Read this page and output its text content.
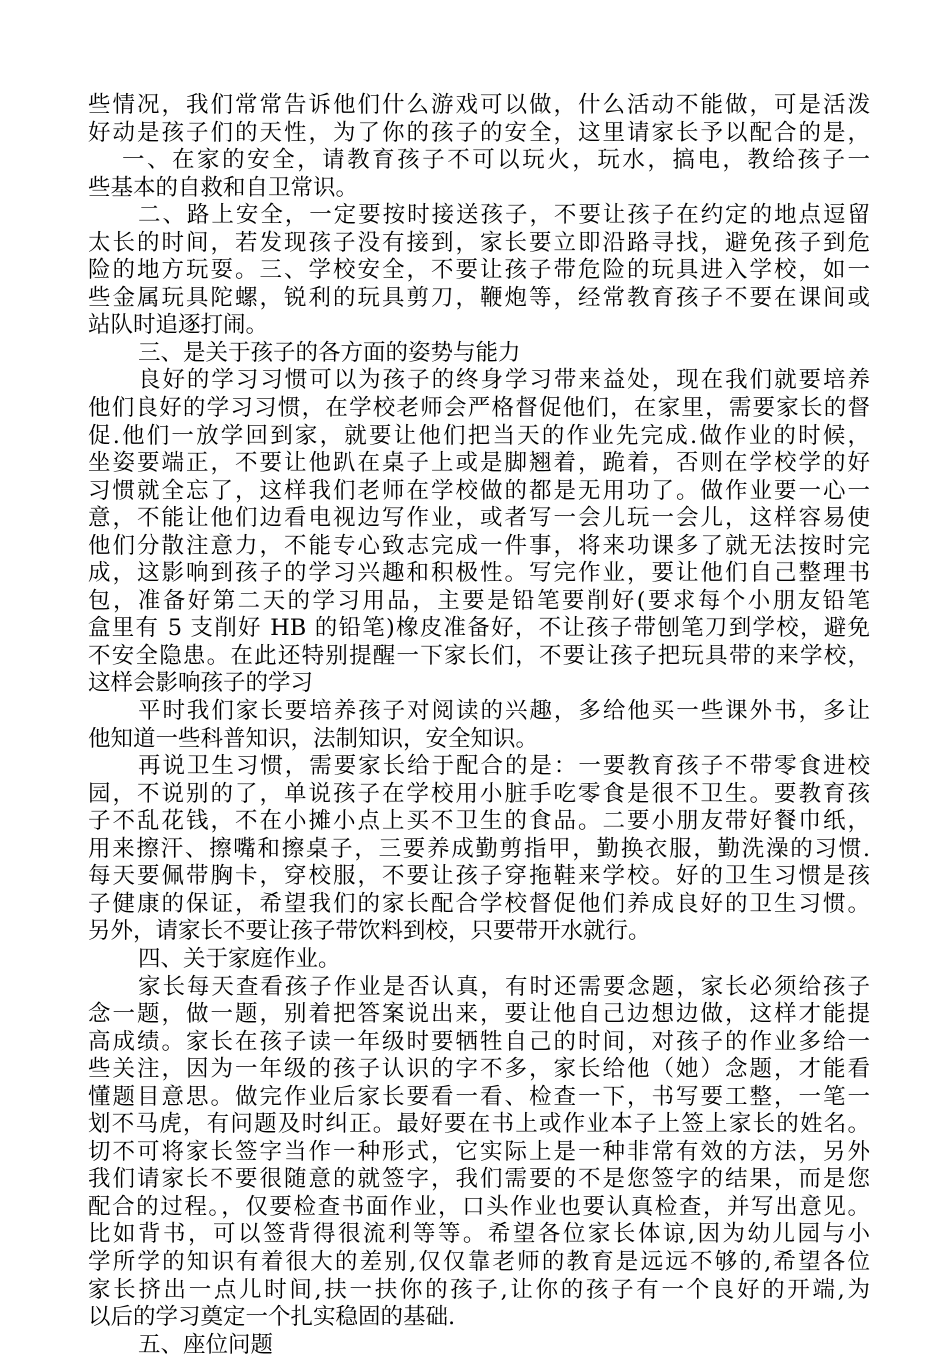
些情况，我们常常告诉他们什么游戏可以做，什么活动不能做，可是活泼
好动是孩子们的天性，为了你的孩子的安全，这里请家长予以配合的是，
一、在家的安全，请教育孩子不可以玩火，玩水，搞电，教给孩子一
些基本的自救和自卫常识。
二、路上安全，一定要按时接送孩子，不要让孩子在约定的地点逗留
太长的时间，若发现孩子没有接到，家长要立即沿路寻找，避免孩子到危
险的地方玩耍。三、学校安全，不要让孩子带危险的玩具进入学校，如一
些金属玩具陀螺，锐利的玩具剪刀，鞭炮等，经常教育孩子不要在课间或
站队时追逐打闹。
三、是关于孩子的各方面的姿势与能力
良好的学习习惯可以为孩子的终身学习带来益处，现在我们就要培养
他们良好的学习习惯，在学校老师会严格督促他们，在家里，需要家长的督
促.他们一放学回到家，就要让他们把当天的作业先完成.做作业的时候，
坐姿要端正，不要让他趴在桌子上或是脚翘着，跪着，否则在学校学的好
习惯就全忘了，这样我们老师在学校做的都是无用功了。做作业要一心一
意，不能让他们边看电视边写作业，或者写一会儿玩一会儿，这样容易使
他们分散注意力，不能专心致志完成一件事，将来功课多了就无法按时完
成，这影响到孩子的学习兴趣和积极性。写完作业，要让他们自己整理书
包，准备好第二天的学习用品，主要是铅笔要削好(要求每个小朋友铅笔
盒里有 5 支削好 HB 的铅笔)橡皮准备好，不让孩子带刨笔刀到学校，避免
不安全隐患。在此还特别提醒一下家长们，不要让孩子把玩具带的来学校，
这样会影响孩子的学习
平时我们家长要培养孩子对阅读的兴趣，多给他买一些课外书，多让
他知道一些科普知识，法制知识，安全知识。
再说卫生习惯，需要家长给于配合的是：一要教育孩子不带零食进校
园，不说别的了，单说孩子在学校用小脏手吃零食是很不卫生。要教育孩
子不乱花钱，不在小摊小点上买不卫生的食品。二要小朋友带好餐巾纸，
用来擦汗、擦嘴和擦桌子，三要养成勤剪指甲，勤换衣服，勤洗澡的习惯.
每天要佩带胸卡，穿校服，不要让孩子穿拖鞋来学校。好的卫生习惯是孩
子健康的保证，希望我们的家长配合学校督促他们养成良好的卫生习惯。
另外，请家长不要让孩子带饮料到校，只要带开水就行。
四、关于家庭作业。
家长每天查看孩子作业是否认真，有时还需要念题，家长必须给孩子
念一题，做一题，别着把答案说出来，要让他自己边想边做，这样才能提
高成绩。家长在孩子读一年级时要牺牲自己的时间，对孩子的作业多给一
些关注，因为一年级的孩子认识的字不多，家长给他（她）念题，才能看
懂题目意思。做完作业后家长要看一看、检查一下，书写要工整，一笔一
划不马虎，有问题及时纠正。最好要在书上或作业本子上签上家长的姓名。
切不可将家长签字当作一种形式，它实际上是一种非常有效的方法，另外
我们请家长不要很随意的就签字，我们需要的不是您签字的结果，而是您
配合的过程。，仅要检查书面作业，口头作业也要认真检查，并写出意见。
比如背书，可以签背得很流利等等。希望各位家长体谅,因为幼儿园与小
学所学的知识有着很大的差别,仅仅靠老师的教育是远远不够的,希望各位
家长挤出一点儿时间,扶一扶你的孩子,让你的孩子有一个良好的开端,为
以后的学习奠定一个扎实稳固的基础.
五、座位问题
